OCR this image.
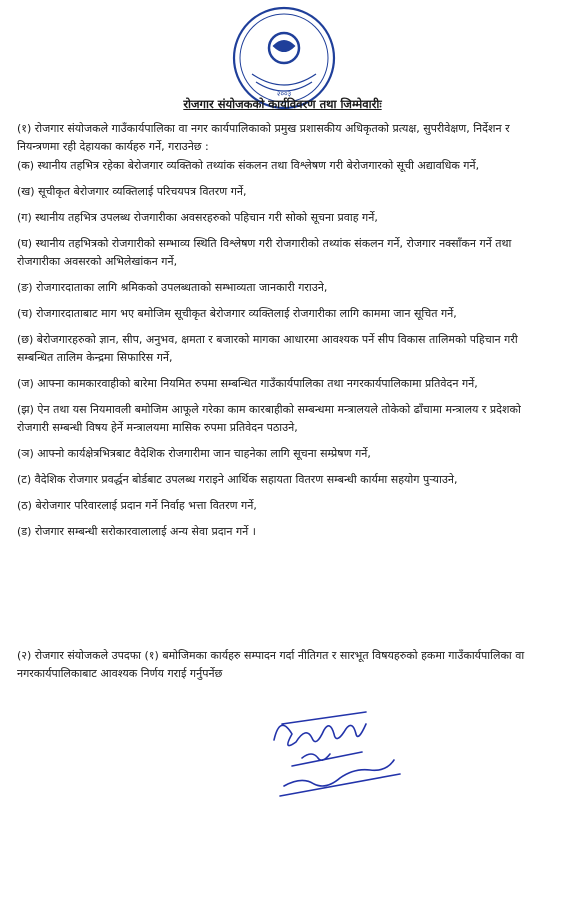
२००३
रोजगार संयोजकको कार्यविवरण तथा जिम्मेवारीः
(१) रोजगार संयोजकले गाउँकार्यपालिका वा नगर कार्यपालिकाको प्रमुख प्रशासकीय अधिकृतको प्रत्यक्ष, सुपरीवेक्षण, निर्देशन र नियन्त्रणमा रही देहायका कार्यहरु गर्ने, गराउनेछ :
(क) स्थानीय तहभित्र रहेका बेरोजगार व्यक्तिको तथ्यांक संकलन तथा विश्लेषण गरी बेरोजगारको सूची अद्यावधिक गर्ने,
(ख) सूचीकृत बेरोजगार व्यक्तिलाई परिचयपत्र वितरण गर्ने,
(ग) स्थानीय तहभित्र उपलब्ध रोजगारीका अवसरहरुको पहिचान गरी सोको सूचना प्रवाह गर्ने,
(घ) स्थानीय तहभित्रको रोजगारीको सम्भाव्य स्थिति विश्लेषण गरी रोजगारीको तथ्यांक संकलन गर्ने, रोजगार नक्साँकन गर्ने तथा रोजगारीका अवसरको अभिलेखांकन गर्ने,
(ङ) रोजगारदाताका लागि श्रमिकको उपलब्धताको सम्भाव्यता जानकारी गराउने,
(च) रोजगारदाताबाट माग भए बमोजिम सूचीकृत बेरोजगार व्यक्तिलाई रोजगारीका लागि काममा जान सूचित गर्ने,
(छ) बेरोजगारहरुको ज्ञान, सीप, अनुभव, क्षमता र बजारको मागका आधारमा आवश्यक पर्ने सीप विकास तालिमको पहिचान गरी सम्बन्धित तालिम केन्द्रमा सिफारिस गर्ने,
(ज) आफ्ना कामकारवाहीको बारेमा नियमित रुपमा सम्बन्धित गाउँकार्यपालिका तथा नगरकार्यपालिकामा प्रतिवेदन गर्ने,
(झ) ऐन तथा यस नियमावली बमोजिम आफूले गरेका काम कारबाहीको सम्बन्धमा मन्त्रालयले तोकेको ढाँचामा मन्त्रालय र प्रदेशको रोजगारी सम्बन्धी विषय हेर्ने मन्त्रालयमा मासिक रुपमा प्रतिवेदन पठाउने,
(ञ) आफ्नो कार्यक्षेत्रभित्रबाट वैदेशिक रोजगारीमा जान चाहनेका लागि सूचना सम्प्रेषण गर्ने,
(ट) वैदेशिक रोजगार प्रवर्द्धन बोर्डबाट उपलब्ध गराइने आर्थिक सहायता वितरण सम्बन्धी कार्यमा सहयोग पुऱ्याउने,
(ठ) बेरोजगार परिवारलाई प्रदान गर्ने निर्वाह भत्ता वितरण गर्ने,
(ड) रोजगार सम्बन्धी सरोकारवालालाई अन्य सेवा प्रदान गर्ने ।
(२) रोजगार संयोजकले उपदफा (१) बमोजिमका कार्यहरु सम्पादन गर्दा नीतिगत र सारभूत विषयहरुको हकमा गाउँकार्यपालिका वा नगरकार्यपालिकाबाट आवश्यक निर्णय गराई गर्नुपर्नेछ
